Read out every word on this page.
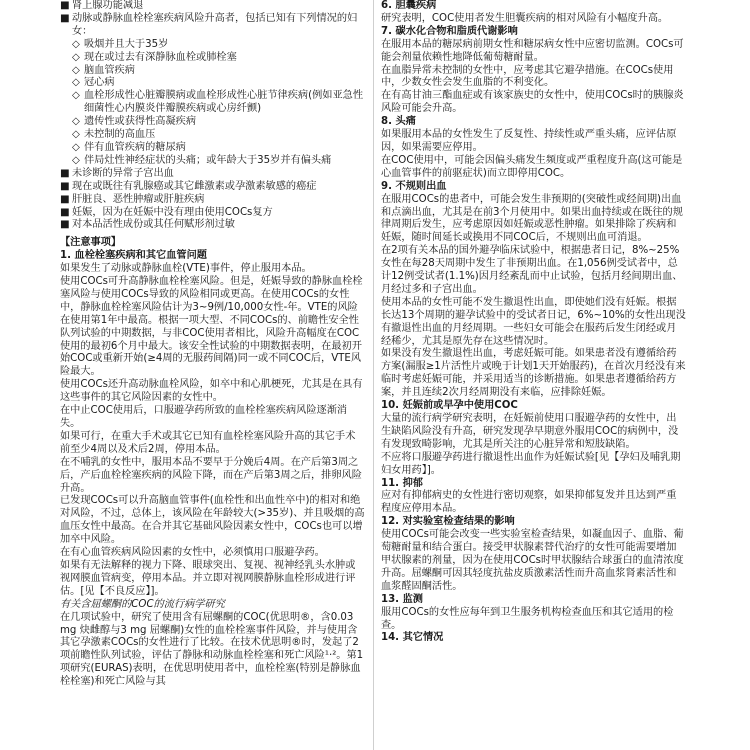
■ 肾上腺功能减退

■ 动脉或静脉血栓栓塞疾病风险升高者，包括已知有下列情况的妇女：

◇ 吸烟并且大于35岁

◇ 现在或过去有深静脉血栓或肺栓塞

◇ 脑血管疾病

◇ 冠心病

◇ 血栓形成性心脏瓣膜病或血栓形成性心脏节律疾病(例如亚急性细菌性心内膜炎伴瓣膜疾病或心房纤颤)

◇ 遗传性或获得性高凝疾病

◇ 未控制的高血压

◇ 伴有血管疾病的糖尿病

◇ 伴局灶性神经症状的头痛；或年龄大于35岁并有偏头痛

■ 未诊断的异常子宫出血

■ 现在或既往有乳腺癌或其它雌激素或孕激素敏感的癌症

■ 肝脏良、恶性肿瘤或肝脏疾病

■ 妊娠，因为在妊娠中没有理由使用COCs复方

■ 对本品活性成份或其任何赋形剂过敏

【注意事项】

1. 血栓栓塞疾病和其它血管问题

如果发生了动脉或静脉血栓(VTE)事件，停止服用本品。

使用COCs可升高静脉血栓栓塞风险。但是，妊娠导致的静脉血栓栓塞风险与使用COCs导致的风险相同或更高。在使用COCs的女性中，静脉血栓栓塞风险估计为3~9例/10,000女性-年。VTE的风险在使用第1年中最高。根据一项大型、不同COCs的、前瞻性安全性队列试验的中期数据，与非COC使用者相比，风险升高幅度在COC使用的最初6个月中最大。该安全性试验的中期数据表明，在最初开始COC或重新开始(≥4周的无服药间隔)同一或不同COC后，VTE风险最大。

使用COCs还升高动脉血栓风险，如卒中和心肌梗死，尤其是在具有这些事件的其它风险因素的女性中。

在中止COC使用后，口服避孕药所致的血栓栓塞疾病风险逐渐消失。

如果可行，在重大手术或其它已知有血栓栓塞风险升高的其它手术前至少4周以及术后2周，停用本品。

在不哺乳的女性中，服用本品不要早于分娩后4周。在产后第3周之后，产后血栓栓塞疾病的风险下降，而在产后第3周之后，排卵风险升高。

已发现COCs可以升高脑血管事件(血栓性和出血性卒中)的相对和绝对风险，不过，总体上，该风险在年龄较大(>35岁)、并且吸烟的高血压女性中最高。在合并其它基础风险因素女性中，COCs也可以增加卒中风险。

在有心血管疾病风险因素的女性中，必须慎用口服避孕药。

如果有无法解释的视力下降、眼球突出、复视、视神经乳头水肿或视网膜血管病变，停用本品。并立即对视网膜静脉血栓形成进行评估。[见【不良反应】]。

有关含屈螺酮的COC的流行病学研究

在几项试验中，研究了使用含有屈螺酮的COC(优思明®，含0.03 mg 炔雌醇与3 mg 屈螺酮)女性的血栓栓塞事件风险，并与使用含其它孕激素COCs的女性进行了比较。在技术优思明®时，发起了2项前瞻性队列试验，评估了静脉和动脉血栓栓塞和死亡风险¹·²。第1项研究(EURAS)表明，在优思明使用者中，血栓栓塞(特别是静脉血栓栓塞)和死亡风险与其

6. 胆囊疾病

研究表明，COC使用者发生胆囊疾病的相对风险有小幅度升高。

7. 碳水化合物和脂质代谢影响

在服用本品的糖尿病前期女性和糖尿病女性中应密切监测。COCs可能会剂量依赖性地降低葡萄糖耐量。

在血脂异常未控制的女性中，应考虑其它避孕措施。在COCs使用中，少数女性会发生血脂的不利变化。

在有高甘油三酯血症或有该家族史的女性中，使用COCs时的胰腺炎风险可能会升高。

8. 头痛

如果服用本品的女性发生了反复性、持续性或严重头痛，应评估原因，如果需要应停用。

在COC使用中，可能会因偏头痛发生频度或严重程度升高(这可能是心血管事件的前驱症状)而立即停用COC。

9. 不规则出血

在服用COCs的患者中，可能会发生非预期的(突破性或经间期)出血和点滴出血，尤其是在前3个月使用中。如果出血持续或在既往的规律周期后发生，应考虑原因如妊娠或恶性肿瘤。如果排除了疾病和妊娠，随时间延长或换用不同COC后，不规则出血可消退。

在2项有关本品的国外避孕临床试验中，根据患者日记，8%~25%女性在每28天周期中发生了非预期出血。在1,056例受试者中，总计12例受试者(1.1%)因月经紊乱而中止试验，包括月经间期出血、月经过多和子宫出血。

使用本品的女性可能不发生撤退性出血，即使她们没有妊娠。根据长达13个周期的避孕试验中的受试者日记，6%~10%的女性出现没有撤退性出血的月经周期。一些妇女可能会在服药后发生闭经或月经稀少，尤其是原先存在这些情况时。

如果没有发生撤退性出血，考虑妊娠可能。如果患者没有遵循给药方案(漏服≥1片活性片或晚于计划1天开始服药)，在首次月经没有来临时考虑妊娠可能，并采用适当的诊断措施。如果患者遵循给药方案，并且连续2次月经周期没有来临，应排除妊娠。

10. 妊娠前或早孕中使用COC

大量的流行病学研究表明，在妊娠前使用口服避孕药的女性中，出生缺陷风险没有升高，研究发现孕早期意外服用COC的病例中，没有发现致畸影响，尤其是所关注的心脏异常和短肢缺陷。

不应将口服避孕药进行撤退性出血作为妊娠试验[见【孕妇及哺乳期妇女用药】]。

11. 抑郁

应对有抑郁病史的女性进行密切观察，如果抑郁复发并且达到严重程度应停用本品。

12. 对实验室检查结果的影响

使用COCs可能会改变一些实验室检查结果，如凝血因子、血脂、葡萄糖耐量和结合蛋白。接受甲状腺素替代治疗的女性可能需要增加甲状腺素的剂量，因为在使用COCs时甲状腺结合球蛋白的血清浓度升高。屈螺酮可因其轻度抗盐皮质激素活性而升高血浆肾素活性和血浆醛固酮活性。

13. 监测

服用COCs的女性应每年到卫生服务机构检查血压和其它适用的检查。

14. 其它情况
